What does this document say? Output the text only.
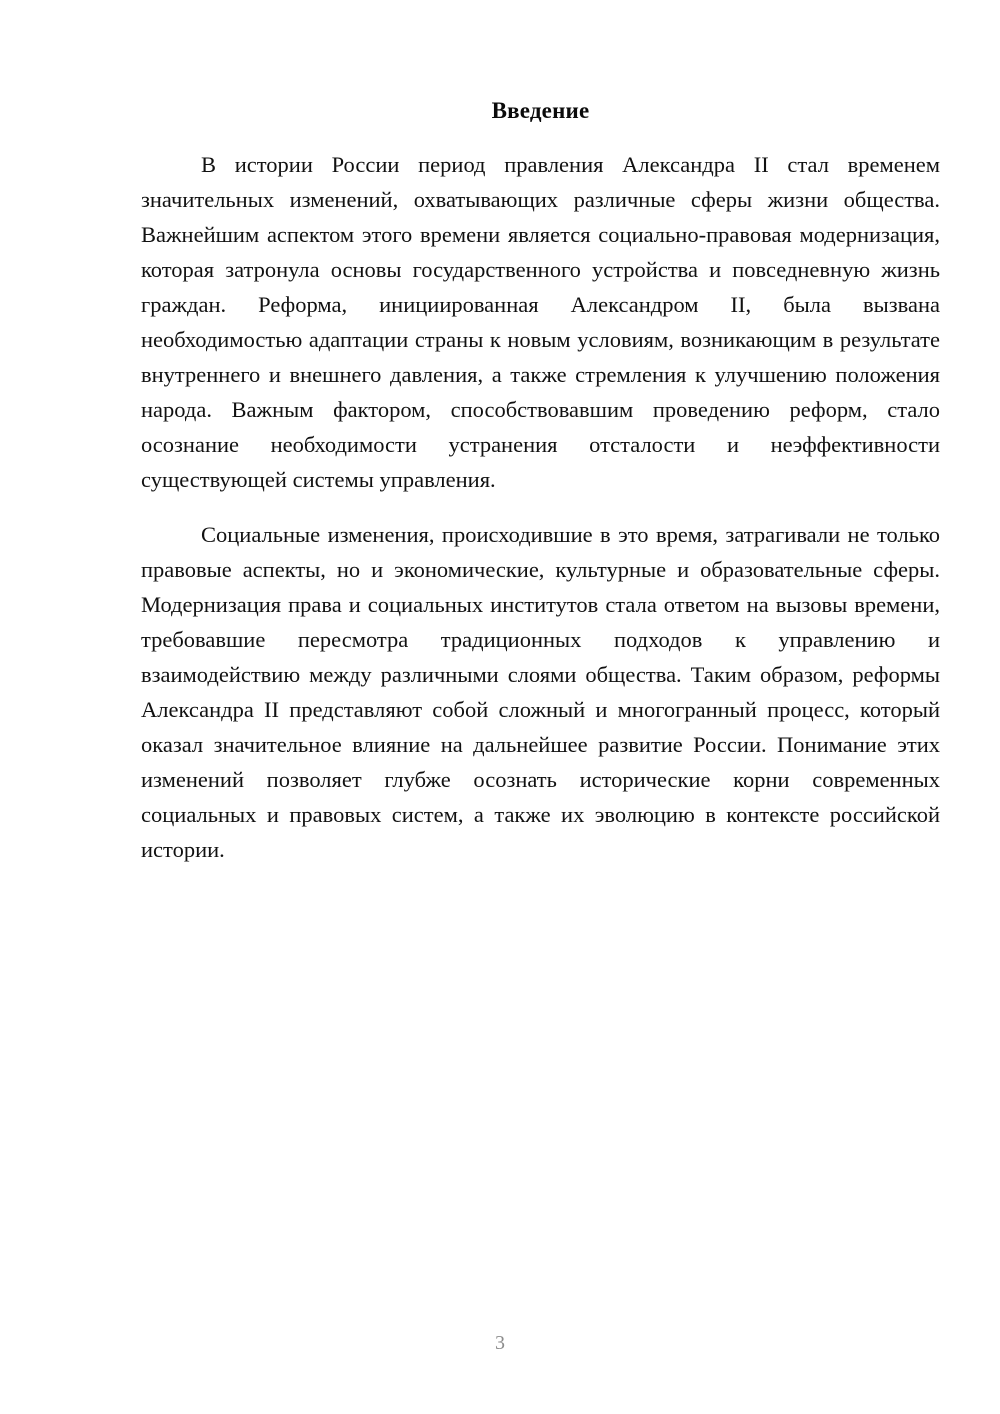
Введение

В истории России период правления Александра II стал временем значительных изменений, охватывающих различные сферы жизни общества. Важнейшим аспектом этого времени является социально-правовая модернизация, которая затронула основы государственного устройства и повседневную жизнь граждан. Реформа, инициированная Александром II, была вызвана необходимостью адаптации страны к новым условиям, возникающим в результате внутреннего и внешнего давления, а также стремления к улучшению положения народа. Важным фактором, способствовавшим проведению реформ, стало осознание необходимости устранения отсталости и неэффективности существующей системы управления.

Социальные изменения, происходившие в это время, затрагивали не только правовые аспекты, но и экономические, культурные и образовательные сферы. Модернизация права и социальных институтов стала ответом на вызовы времени, требовавшие пересмотра традиционных подходов к управлению и взаимодействию между различными слоями общества. Таким образом, реформы Александра II представляют собой сложный и многогранный процесс, который оказал значительное влияние на дальнейшее развитие России. Понимание этих изменений позволяет глубже осознать исторические корни современных социальных и правовых систем, а также их эволюцию в контексте российской истории.

3
